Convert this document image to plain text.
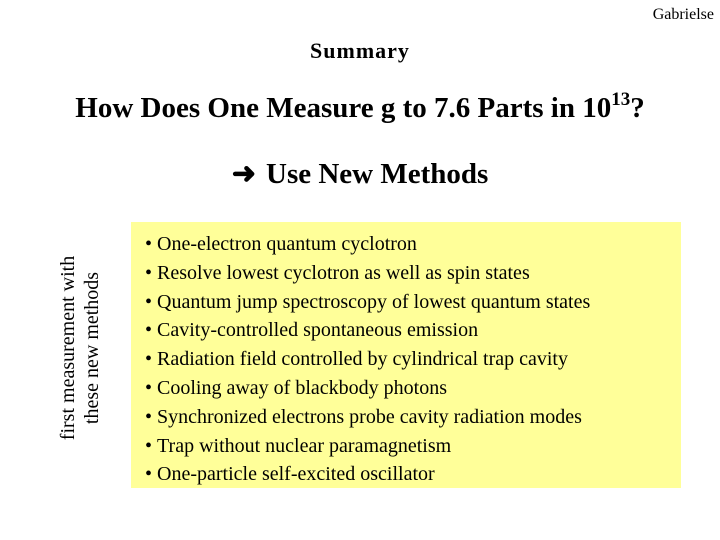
Gabrielse
Summary
How Does One Measure g to 7.6 Parts in $10^{13}$?
➜ Use New Methods
first measurement with these new methods
• One-electron quantum cyclotron
• Resolve lowest cyclotron as well as spin states
• Quantum jump spectroscopy of lowest quantum states
• Cavity-controlled spontaneous emission
• Radiation field controlled by cylindrical trap cavity
• Cooling away of blackbody photons
• Synchronized electrons probe cavity radiation modes
• Trap without nuclear paramagnetism
• One-particle self-excited oscillator
